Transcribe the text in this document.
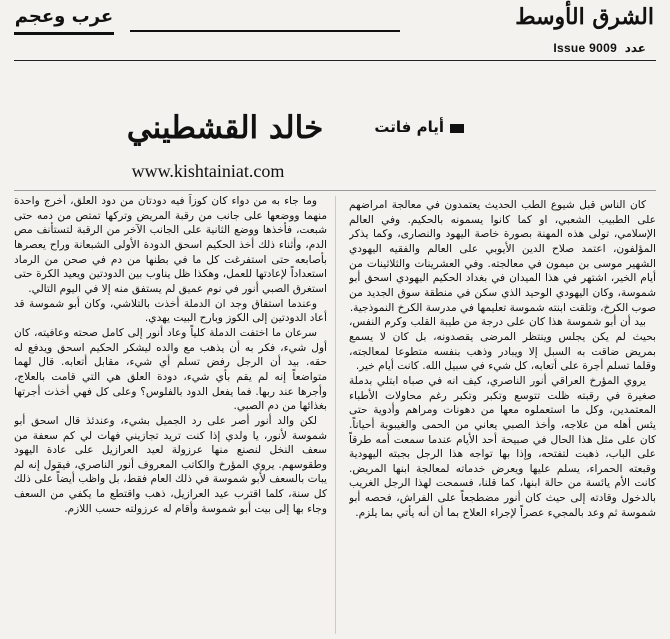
الشرق الأوسط
عرب وعجم
Issue 9009 عدد
أيام فاتت
خالد القشطيني
www.kishtainiat.com

كان الناس قبل شيوع الطب الحديث يعتمدون في معالجة امراضهم على الطبيب الشعبي، او كما كانوا يسمونه بالحكيم. وفي العالم الإسلامي، تولى هذه المهنة بصورة خاصة اليهود والنصارى، وكما يذكر المؤلفون، اعتمد صلاح الدين الأيوبي على العالم والفقيه اليهودي الشهير موسى بن ميمون في معالجته. وفي العشرينات والثلاثينات من أيام الخير، اشتهر في هذا الميدان في بغداد الحكيم اليهودي اسحق أبو شموسة، وكان اليهودي الوحيد الذي سكن في منطقة سوق الجديد من صوب الكرخ، وتلقت ابنته شموسة تعليمها في مدرسة الكرخ النموذجية.

بيد أن أبو شموسة هذا كان على درجة من طيبة القلب وكرم النفس، بحيث لم يكن يجلس وينتظر المرضى يقصدونه، بل كان لا يسمع بمريض ضاقت به السبل إلا ويبادر وذهب بنفسه متطوعا لمعالجته، وقلما تسلم أجرة على أتعابه، كل شيء في سبيل الله. كانت أيام خير.

يروي المؤرخ العراقي أنور الناصري، كيف انه في صباه ابتلي بدملة صغيرة في رقبته ظلت تتوسع وتكبر وتكبر رغم محاولات الأطباء المعتمدين، وكل ما استعملوه معها من دهونات ومراهم وأدوية حتى يئس أهله من علاجه، وأخذ الصبي يعاني من الحمى والغيبوبة أحياناً. كان على مثل هذا الحال في صبيحة أحد الأيام عندما سمعت أمه طرقاً على الباب، ذهبت لتفتحه، وإذا بها تواجه هذا الرجل بجبته اليهودية وقبعته الحمراء، يسلم عليها ويعرض خدماته لمعالجة ابنها المريض. كانت الأم يائسة من حالة ابنها، كما قلنا، فسمحت لهذا الرجل الغريب بالدخول وقادته إلى حيث كان أنور مضطجعاً على الفراش، فحصه أبو شموسة ثم وعد بالمجيء عصراً لإجراء العلاج بما أن أنه يأتي بما يلزم.

وما جاء به من دواء كان كوزاً فيه دودتان من دود العلق، أخرج واحدة منهما ووضعها على جانب من رقبة المريض وتركها تمتص من دمه حتى شبعت، فأخذها ووضع الثانية على الجانب الآخر من الرقبة لتستأنف مص الدم، وأثناء ذلك أخذ الحكيم اسحق الدودة الأولى الشبعانة وراح يعصرها بأصابعه حتى استفرغت كل ما في بطنها من دم في صحن من الرماد استعداداً لإعادتها للعمل، وهكذا ظل يناوب بين الدودتين ويعيد الكرة حتى استغرق الصبي أنور في نوم عميق لم يستفق منه إلا في اليوم التالي.

وعندما استفاق وجد ان الدملة أخذت بالتلاشي، وكان أبو شموسة قد أعاد الدودتين إلى الكوز وبارح البيت يهدي.

سرعان ما اختفت الدملة كلياً وعاد أنور إلى كامل صحته وعافيته، كان أول شيء، فكر به أن يذهب مع والده ليشكر الحكيم اسحق ويدفع له حقه. بيد أن الرجل رفض تسلم أي شيء، مقابل أتعابه. قال لهما متواضعاً إنه لم يقم بأي شيء، دودة العلق هي التي قامت بالعلاج، وأجرها عند ربها. فما يفعل الدود بالفلوس؟ وعلى كل فهي أخذت أجرتها بغذائها من دم الصبي.

لكن والد أنور أصر على رد الجميل بشيء، وعندئذ قال اسحق أبو شموسة لأنور، يا ولدي إذا كنت تريد تجازيني فهات لي كم سعفة من سعف النخل لنصنع منها عرزولة لعيد العرازيل على عادة اليهود وطقوسهم. يروي المؤرخ والكاتب المعروف أنور الناصري، فيقول إنه لم يبات بالسعف لأبو شموسة في ذلك العام فقط، بل واظب أيضاً على ذلك كل سنة، كلما اقترب عيد العرازيل، ذهب واقتطع ما يكفي من السعف وجاء بها إلى بيت أبو شموسة وأقام له عرزولته حسب اللازم.
